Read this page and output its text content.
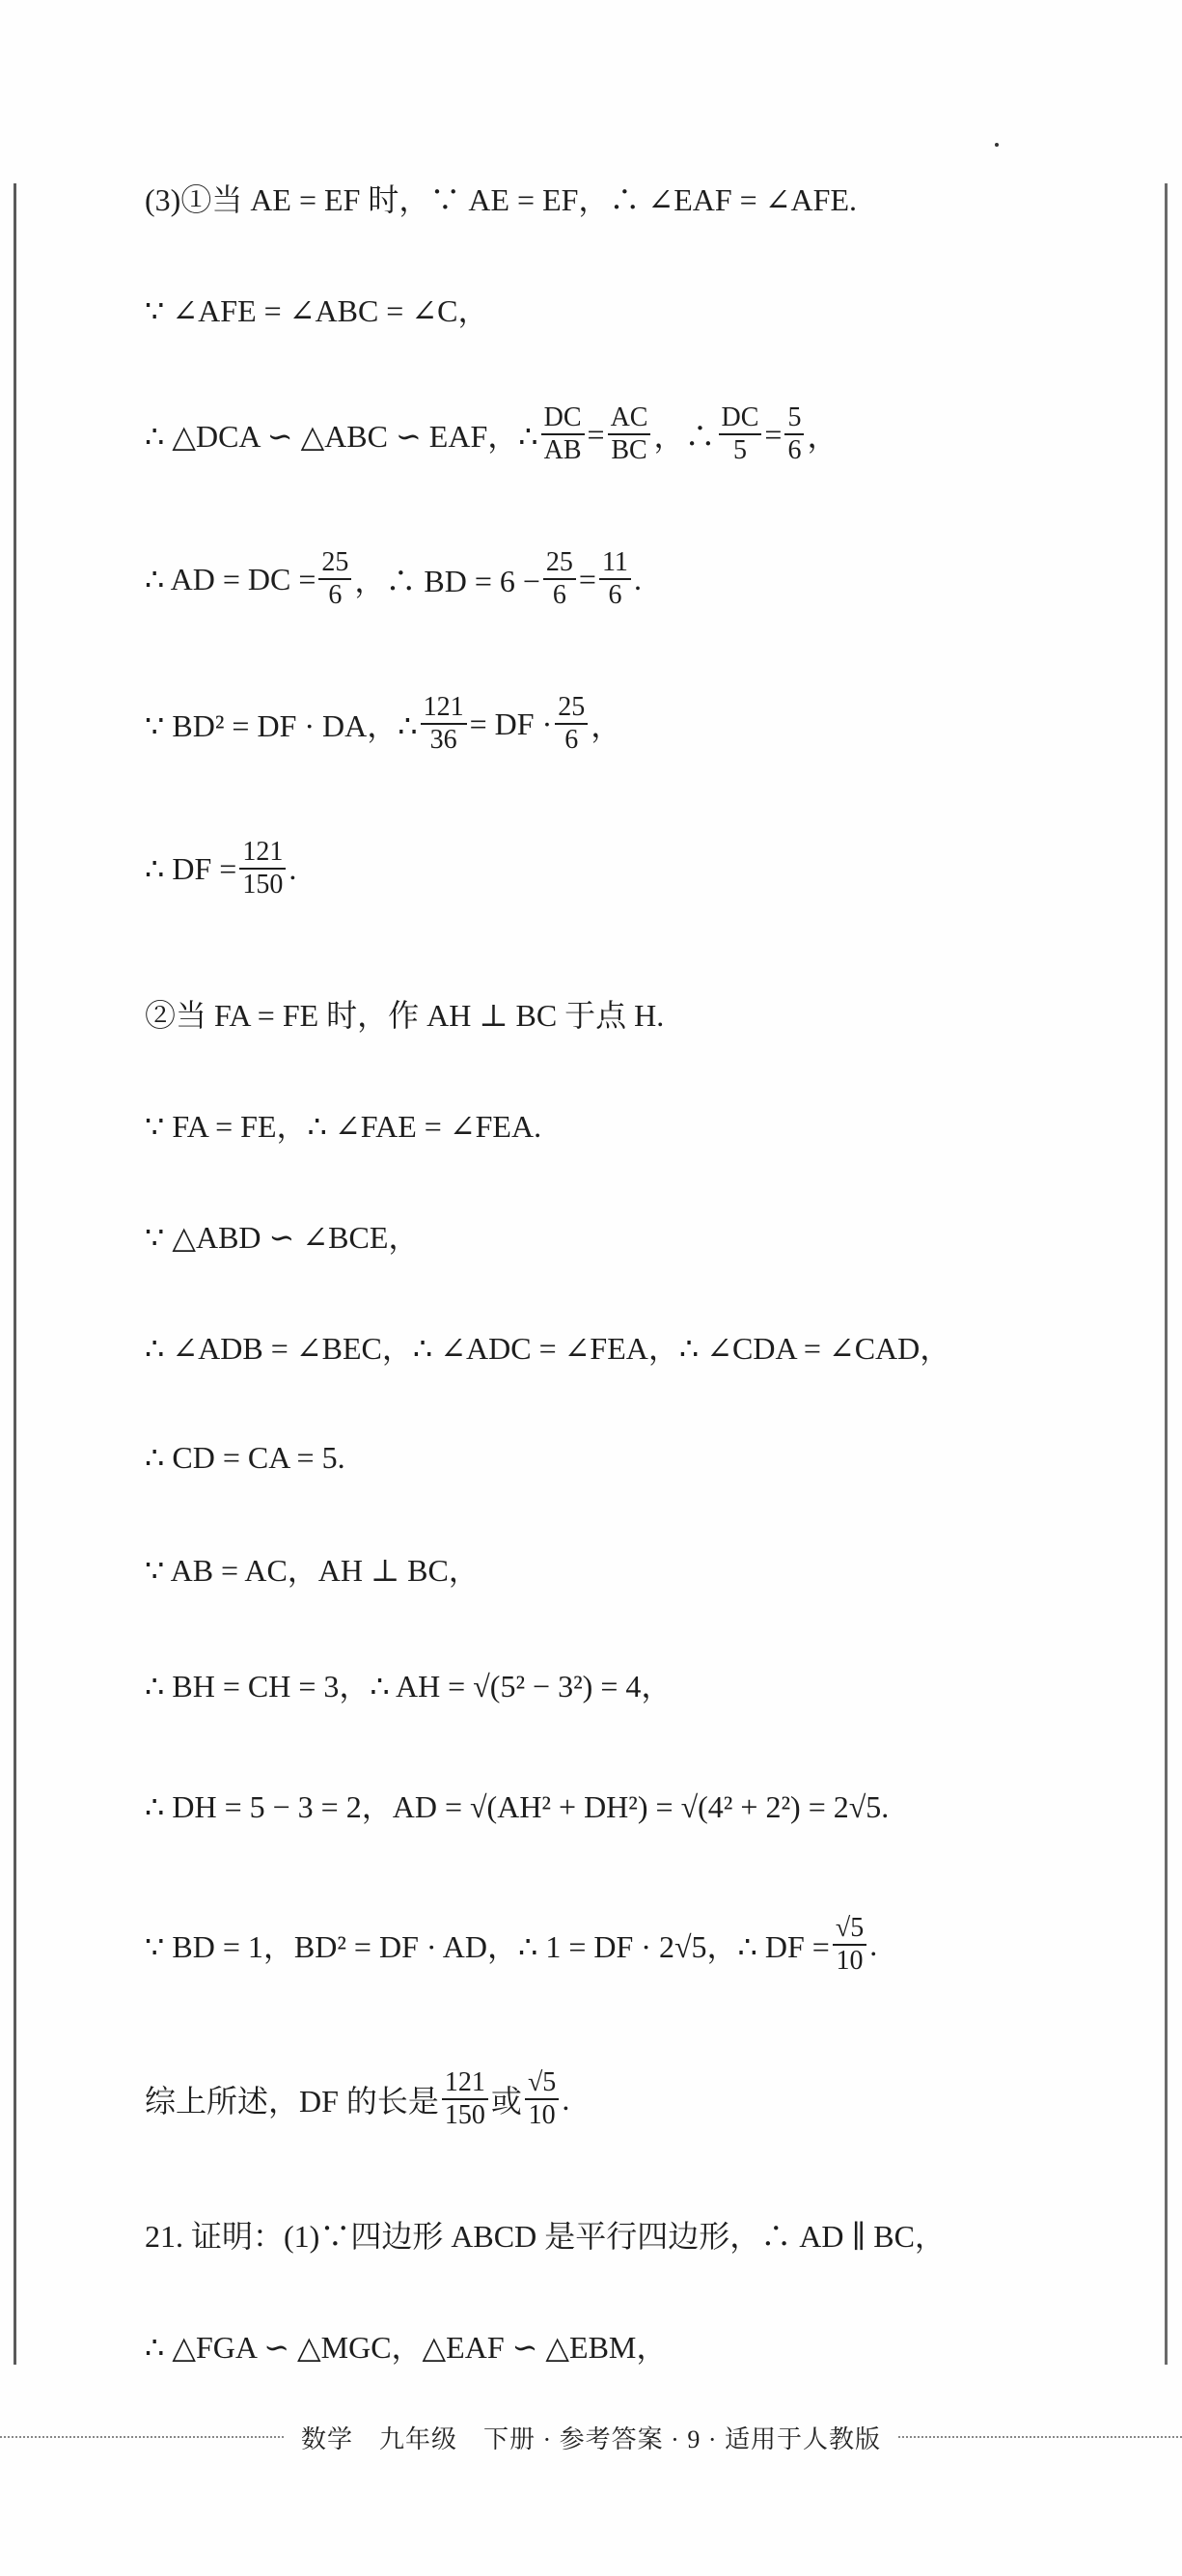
(3)①当 AE = EF 时，∵ AE = EF，∴ ∠EAF = ∠AFE.
∵ ∠AFE = ∠ABC = ∠C，
∴ △DCA ∽ △ABC ∽ EAF，∴ $\frac{DC}{AB} = \frac{AC}{BC}$ ，∴ $\frac{DC}{5} = \frac{5}{6}$ ，
∴ AD = DC = $\frac{25}{6}$ ，∴ BD = $6 - \frac{25}{6} = \frac{11}{6}$ .
∵ BD² = DF · DA，∴ $\frac{121}{36}$ = DF · $\frac{25}{6}$ ，
∴ DF = $\frac{121}{150}$ .
②当 FA = FE 时，作 AH ⊥ BC 于点 H.
∵ FA = FE，∴ ∠FAE = ∠FEA.
∵ △ABD ∽ ∠BCE，
∴ ∠ADB = ∠BEC，∴ ∠ADC = ∠FEA，∴ ∠CDA = ∠CAD，
∴ CD = CA = 5.
∵ AB = AC，AH ⊥ BC，
∴ BH = CH = 3，∴ AH = √(5² − 3²) = 4，
∴ DH = 5 − 3 = 2，AD = √(AH² + DH²) = √(4² + 2²) = 2√5.
∵ BD = 1，BD² = DF · AD，∴ 1 = DF · 2√5，∴ DF = $\frac{√5}{10}$ .
综上所述，DF 的长是 $\frac{121}{150}$ 或 $\frac{√5}{10}$ .
21. 证明：(1)∵四边形 ABCD 是平行四边形，∴ AD ∥ BC，
∴ △FGA ∽ △MGC，△EAF ∽ △EBM，
数学　九年级　下册 · 参考答案 · 9 · 适用于人教版
